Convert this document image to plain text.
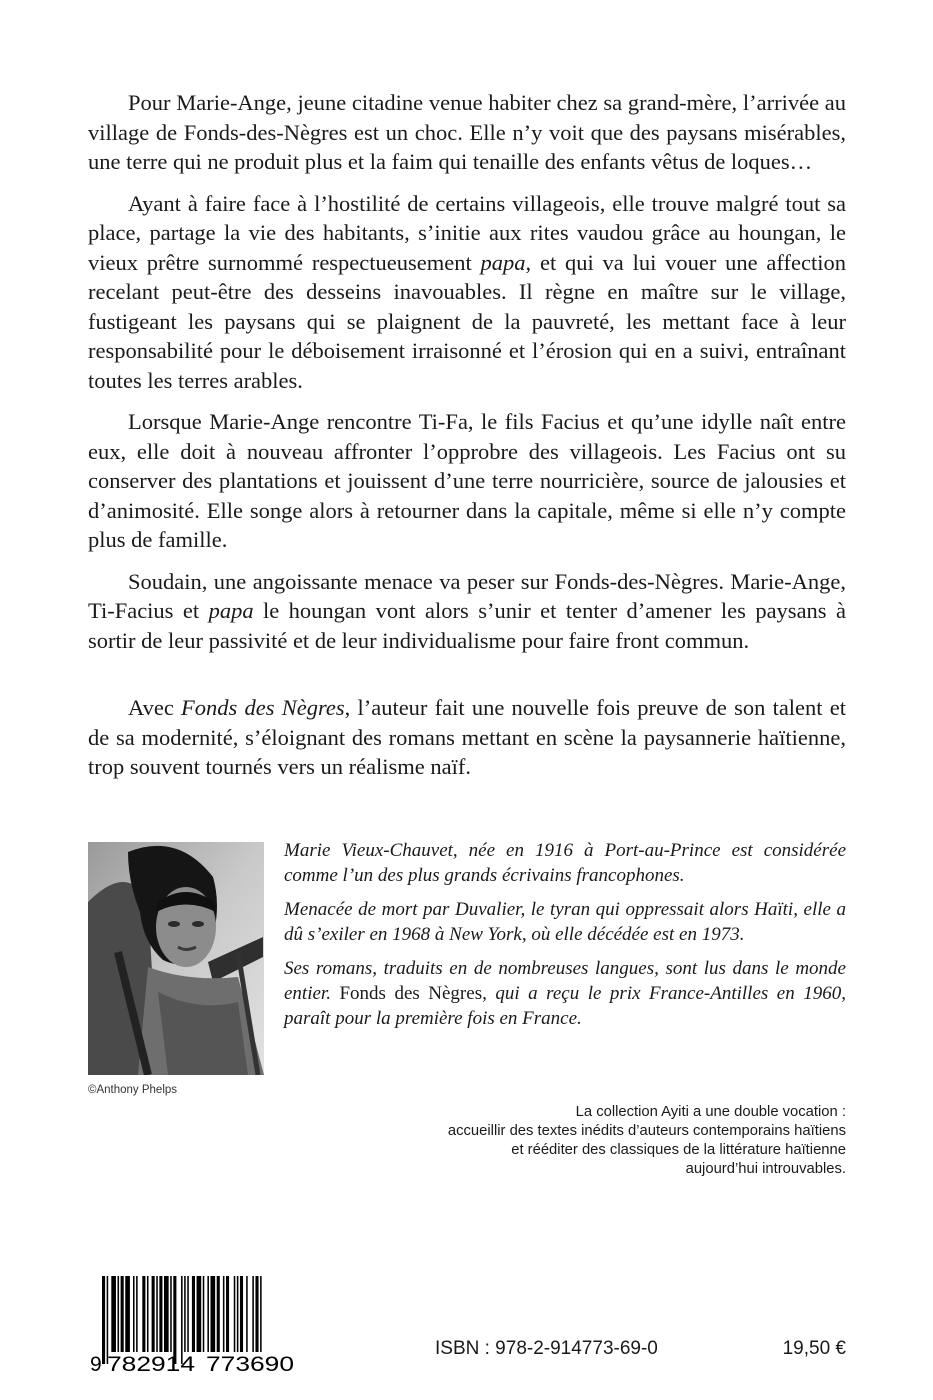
Pour Marie-Ange, jeune citadine venue habiter chez sa grand-mère, l’arrivée au village de Fonds-des-Nègres est un choc. Elle n’y voit que des paysans misérables, une terre qui ne produit plus et la faim qui tenaille des enfants vêtus de loques…

Ayant à faire face à l’hostilité de certains villageois, elle trouve malgré tout sa place, partage la vie des habitants, s’initie aux rites vaudou grâce au houngan, le vieux prêtre surnommé respectueusement papa, et qui va lui vouer une affection recelant peut-être des desseins inavouables. Il règne en maître sur le village, fustigeant les paysans qui se plaignent de la pauvreté, les mettant face à leur responsabilité pour le déboisement irraisonné et l’érosion qui en a suivi, entraînant toutes les terres arables.

Lorsque Marie-Ange rencontre Ti-Fa, le fils Facius et qu’une idylle naît entre eux, elle doit à nouveau affronter l’opprobre des villageois. Les Facius ont su conserver des plantations et jouissent d’une terre nourricière, source de jalousies et d’animosité. Elle songe alors à retourner dans la capitale, même si elle n’y compte plus de famille.

Soudain, une angoissante menace va peser sur Fonds-des-Nègres. Marie-Ange, Ti-Facius et papa le houngan vont alors s’unir et tenter d’amener les paysans à sortir de leur passivité et de leur individualisme pour faire front commun.

Avec Fonds des Nègres, l’auteur fait une nouvelle fois preuve de son talent et de sa modernité, s’éloignant des romans mettant en scène la paysannerie haïtienne, trop souvent tournés vers un réalisme naïf.

©Anthony Phelps

Marie Vieux-Chauvet, née en 1916 à Port-au-Prince est considérée comme l’un des plus grands écrivains francophones.

Menacée de mort par Duvalier, le tyran qui oppressait alors Haïti, elle a dû s’exiler en 1968 à New York, où elle décédée est en 1973.

Ses romans, traduits en de nombreuses langues, sont lus dans le monde entier. Fonds des Nègres, qui a reçu le prix France-Antilles en 1960, paraît pour la première fois en France.

La collection Ayiti a une double vocation :
accueillir des textes inédits d’auteurs contemporains haïtiens
et rééditer des classiques de la littérature haïtienne
aujourd’hui introuvables.
9 782914 773690
ISBN : 978-2-914773-69-0	19,50 €
